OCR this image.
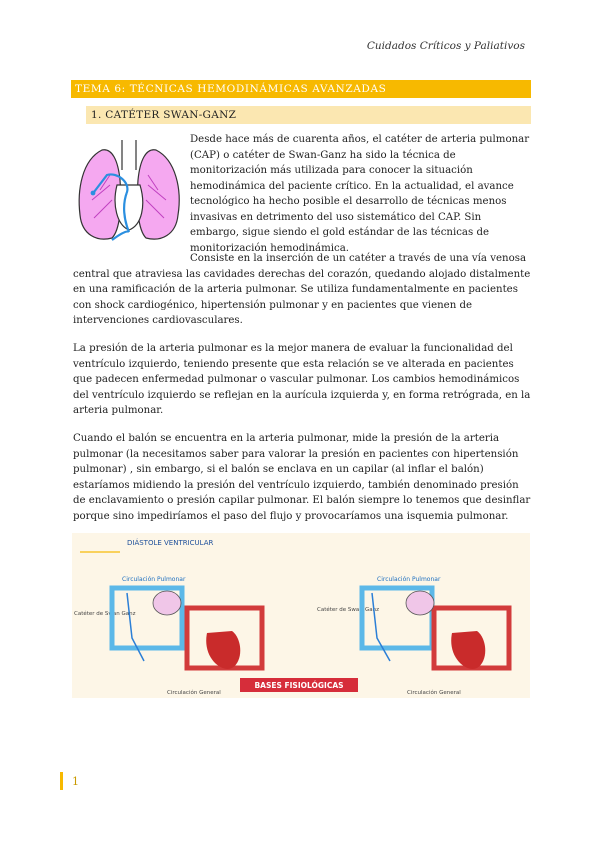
Cuidados Críticos y Paliativos
TEMA 6: TÉCNICAS HEMODINÁMICAS AVANZADAS
1. CATÉTER SWAN-GANZ

Desde hace más de cuarenta años, el catéter de arteria pulmonar (CAP) o catéter de Swan-Ganz ha sido la técnica de monitorización más utilizada para conocer la situación hemodinámica del paciente crítico. En la actualidad, el avance tecnológico ha hecho posible el desarrollo de técnicas menos invasivas en detrimento del uso sistemático del CAP. Sin embargo, sigue siendo el gold estándar de las técnicas de monitorización hemodinámica.

Consiste en la inserción de un catéter a través de una vía venosa central que atraviesa las cavidades derechas del corazón, quedando alojado distalmente en una ramificación de la arteria pulmonar. Se utiliza fundamentalmente en pacientes con shock cardiogénico, hipertensión pulmonar y en pacientes que vienen de intervenciones cardiovasculares.

La presión de la arteria pulmonar es la mejor manera de evaluar la funcionalidad del ventrículo izquierdo, teniendo presente que esta relación se ve alterada en pacientes que padecen enfermedad pulmonar o vascular pulmonar. Los cambios hemodinámicos del ventrículo izquierdo se reflejan en la aurícula izquierda y, en forma retrógrada, en la arteria pulmonar.

Cuando el balón se encuentra en la arteria pulmonar, mide la presión de la arteria pulmonar (la necesitamos saber para valorar la presión en pacientes con hipertensión pulmonar) , sin embargo, si el balón se enclava en un capilar (al inflar el balón) estaríamos midiendo la presión del ventrículo izquierdo, también denominado presión de enclavamiento o presión capilar pulmonar. El balón siempre lo tenemos que desinflar porque sino impediríamos el paso del flujo y provocaríamos una isquemia pulmonar.

DIÁSTOLE VENTRICULAR
Circulación Pulmonar
Catéter de Swan Ganz
Circulación General
Circulación Pulmonar
Catéter de Swan-Ganz
Circulación General
BASES FISIOLÓGICAS
1
